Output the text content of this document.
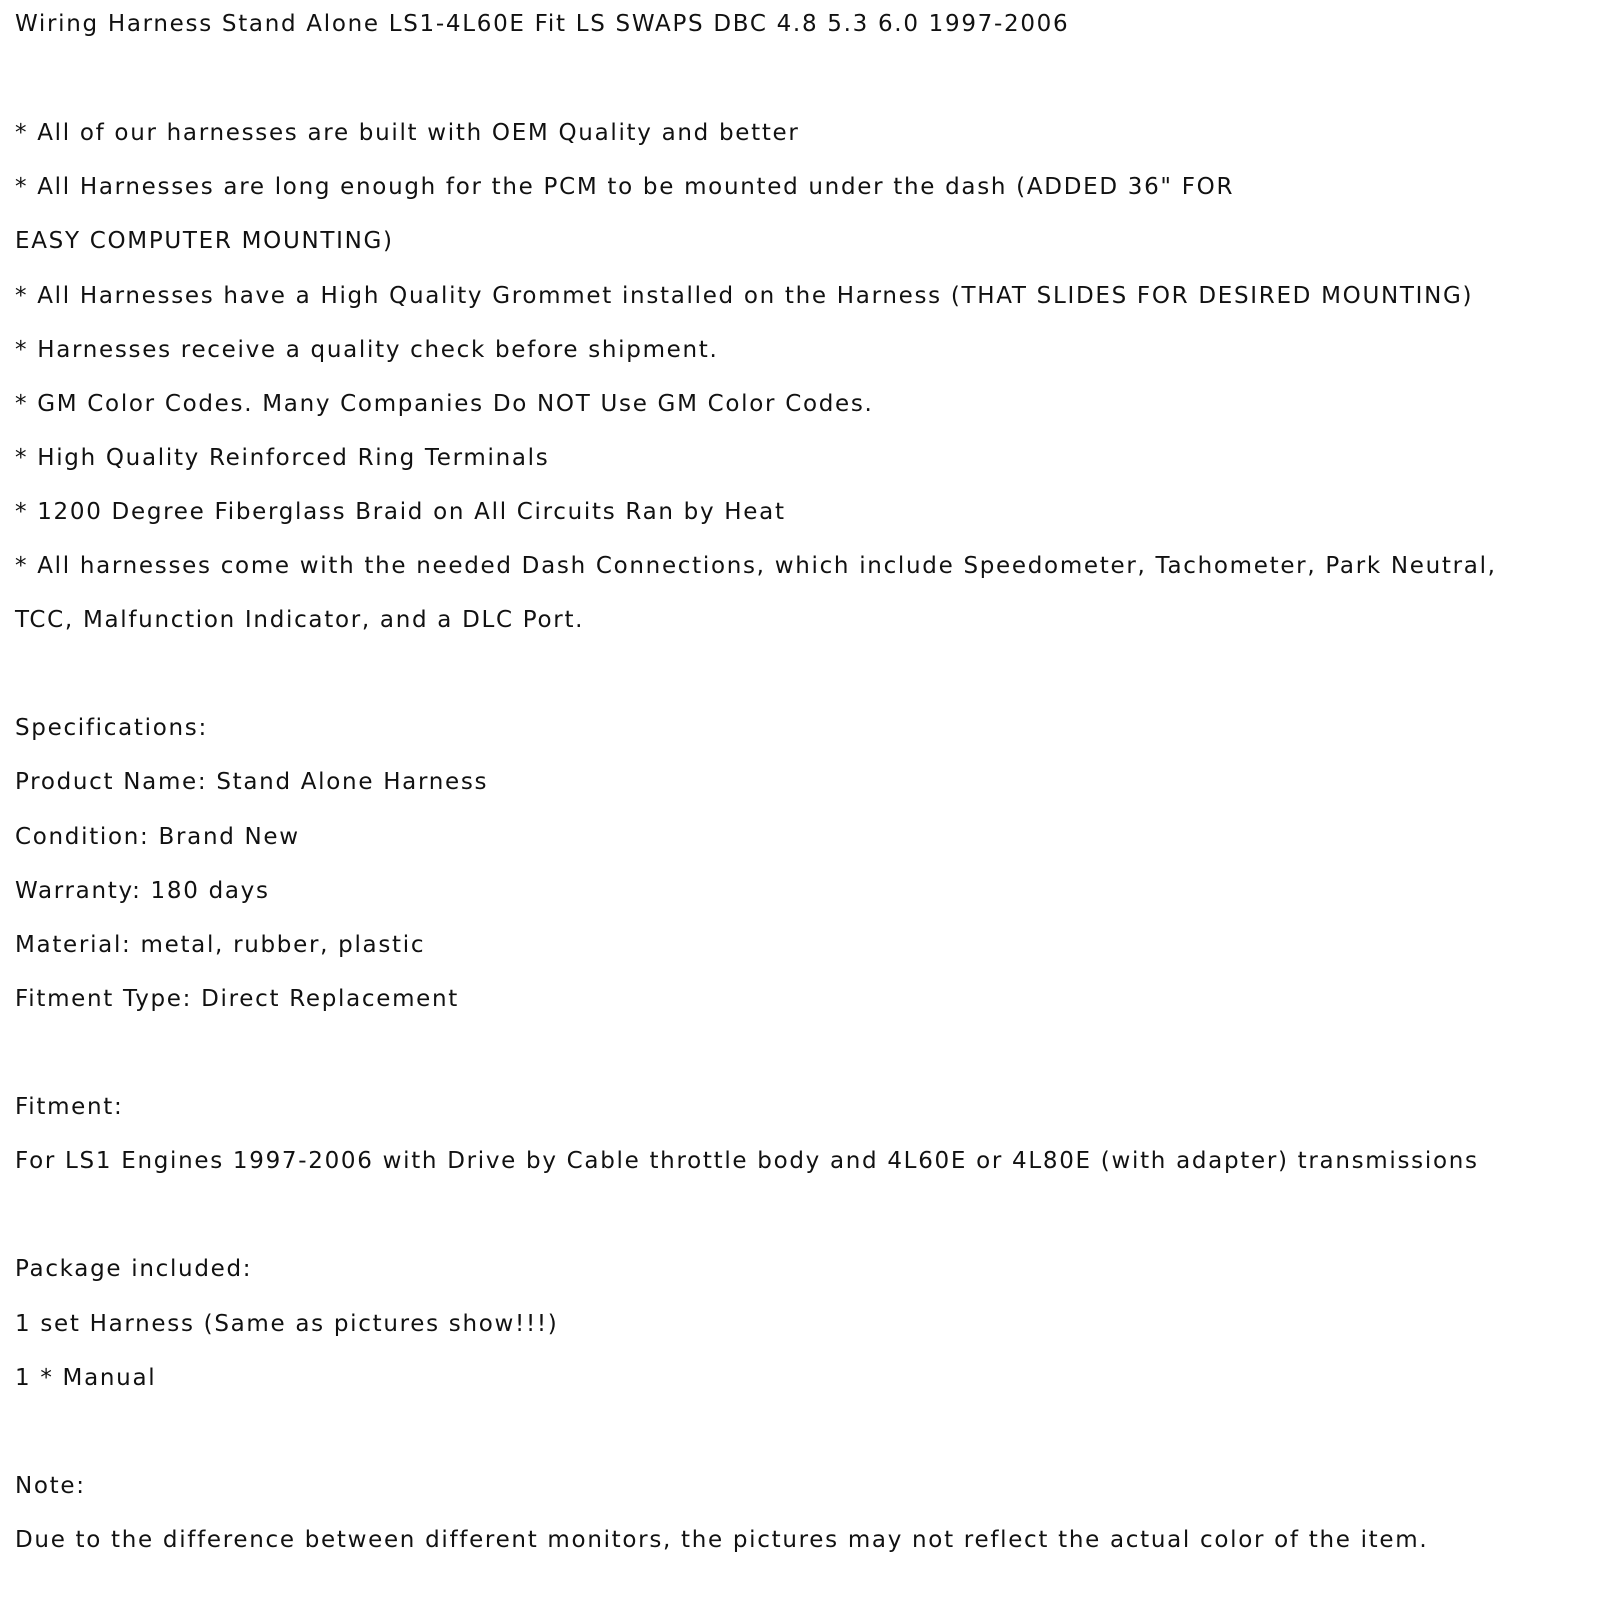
Wiring Harness Stand Alone LS1-4L60E Fit LS SWAPS DBC 4.8 5.3 6.0 1997-2006
* All of our harnesses are built with OEM Quality and better
* All Harnesses are long enough for the PCM to be mounted under the dash (ADDED 36" FOR
EASY COMPUTER MOUNTING)
* All Harnesses have a High Quality Grommet installed on the Harness (THAT SLIDES FOR DESIRED MOUNTING)
* Harnesses receive a quality check before shipment.
* GM Color Codes. Many Companies Do NOT Use GM Color Codes.
* High Quality Reinforced Ring Terminals
* 1200 Degree Fiberglass Braid on All Circuits Ran by Heat
* All harnesses come with the needed Dash Connections, which include Speedometer, Tachometer, Park Neutral,
TCC, Malfunction Indicator, and a DLC Port.
Specifications:
Product Name: Stand Alone Harness
Condition: Brand New
Warranty: 180 days
Material: metal, rubber, plastic
Fitment Type: Direct Replacement
Fitment:

For LS1 Engines 1997-2006 with Drive by Cable throttle body and 4L60E or 4L80E (with adapter) transmissions

Package included:
1 set Harness (Same as pictures show!!!)
1 * Manual
Note:

Due to the difference between different monitors, the pictures may not reflect the actual color of the item.
